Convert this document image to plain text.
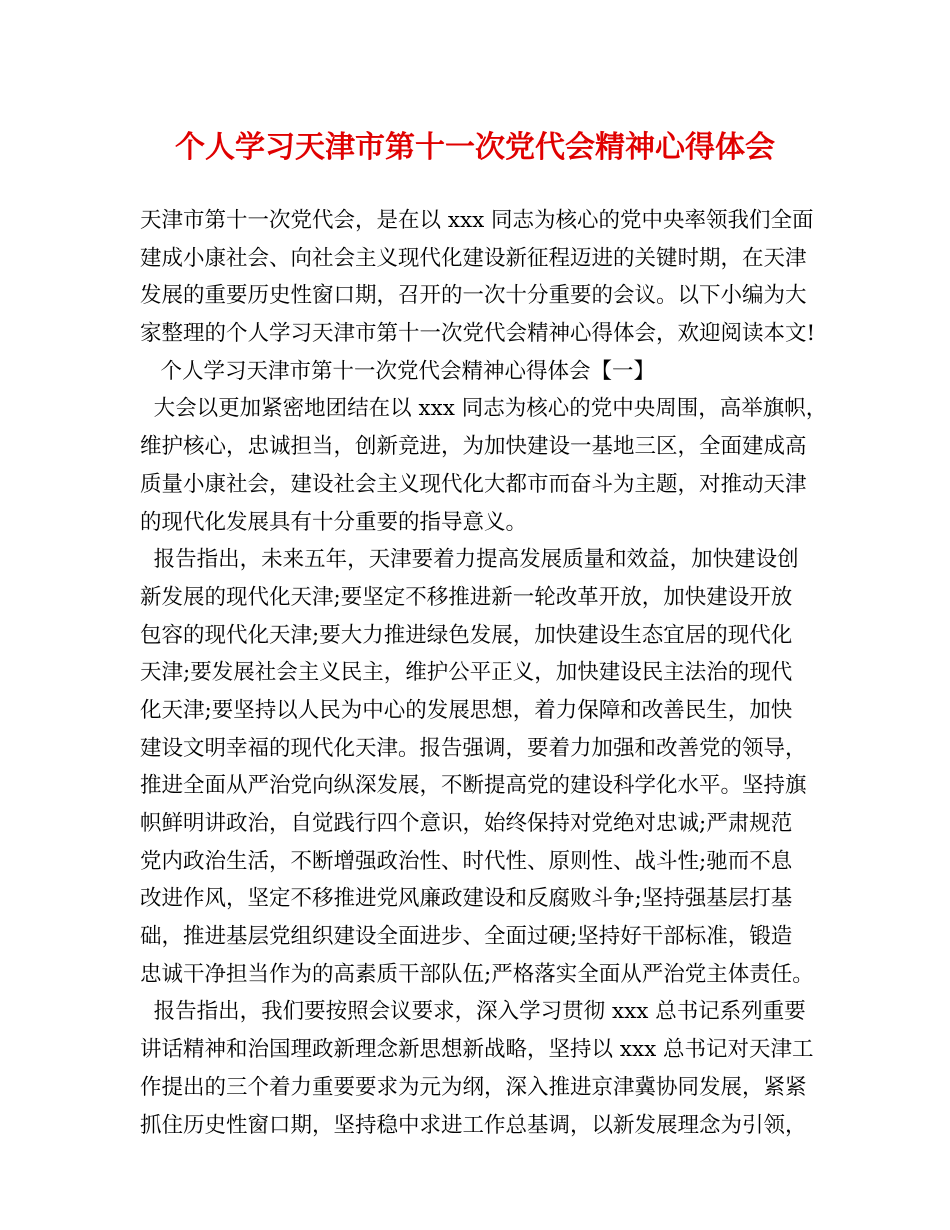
个人学习天津市第十一次党代会精神心得体会
天津市第十一次党代会，是在以 xxx 同志为核心的党中央率领我们全面
建成小康社会、向社会主义现代化建设新征程迈进的关键时期，在天津
发展的重要历史性窗口期，召开的一次十分重要的会议。以下小编为大
家整理的个人学习天津市第十一次党代会精神心得体会，欢迎阅读本文!
个人学习天津市第十一次党代会精神心得体会【一】
大会以更加紧密地团结在以 xxx 同志为核心的党中央周围，高举旗帜，
维护核心，忠诚担当，创新竞进，为加快建设一基地三区，全面建成高
质量小康社会，建设社会主义现代化大都市而奋斗为主题，对推动天津
的现代化发展具有十分重要的指导意义。
报告指出，未来五年，天津要着力提高发展质量和效益，加快建设创
新发展的现代化天津;要坚定不移推进新一轮改革开放，加快建设开放
包容的现代化天津;要大力推进绿色发展，加快建设生态宜居的现代化
天津;要发展社会主义民主，维护公平正义，加快建设民主法治的现代
化天津;要坚持以人民为中心的发展思想，着力保障和改善民生，加快
建设文明幸福的现代化天津。报告强调，要着力加强和改善党的领导，
推进全面从严治党向纵深发展，不断提高党的建设科学化水平。坚持旗
帜鲜明讲政治，自觉践行四个意识，始终保持对党绝对忠诚;严肃规范
党内政治生活，不断增强政治性、时代性、原则性、战斗性;驰而不息
改进作风，坚定不移推进党风廉政建设和反腐败斗争;坚持强基层打基
础，推进基层党组织建设全面进步、全面过硬;坚持好干部标准，锻造
忠诚干净担当作为的高素质干部队伍;严格落实全面从严治党主体责任。
报告指出，我们要按照会议要求，深入学习贯彻 xxx 总书记系列重要
讲话精神和治国理政新理念新思想新战略，坚持以 xxx 总书记对天津工
作提出的三个着力重要要求为元为纲，深入推进京津冀协同发展，紧紧
抓住历史性窗口期，坚持稳中求进工作总基调，以新发展理念为引领，
